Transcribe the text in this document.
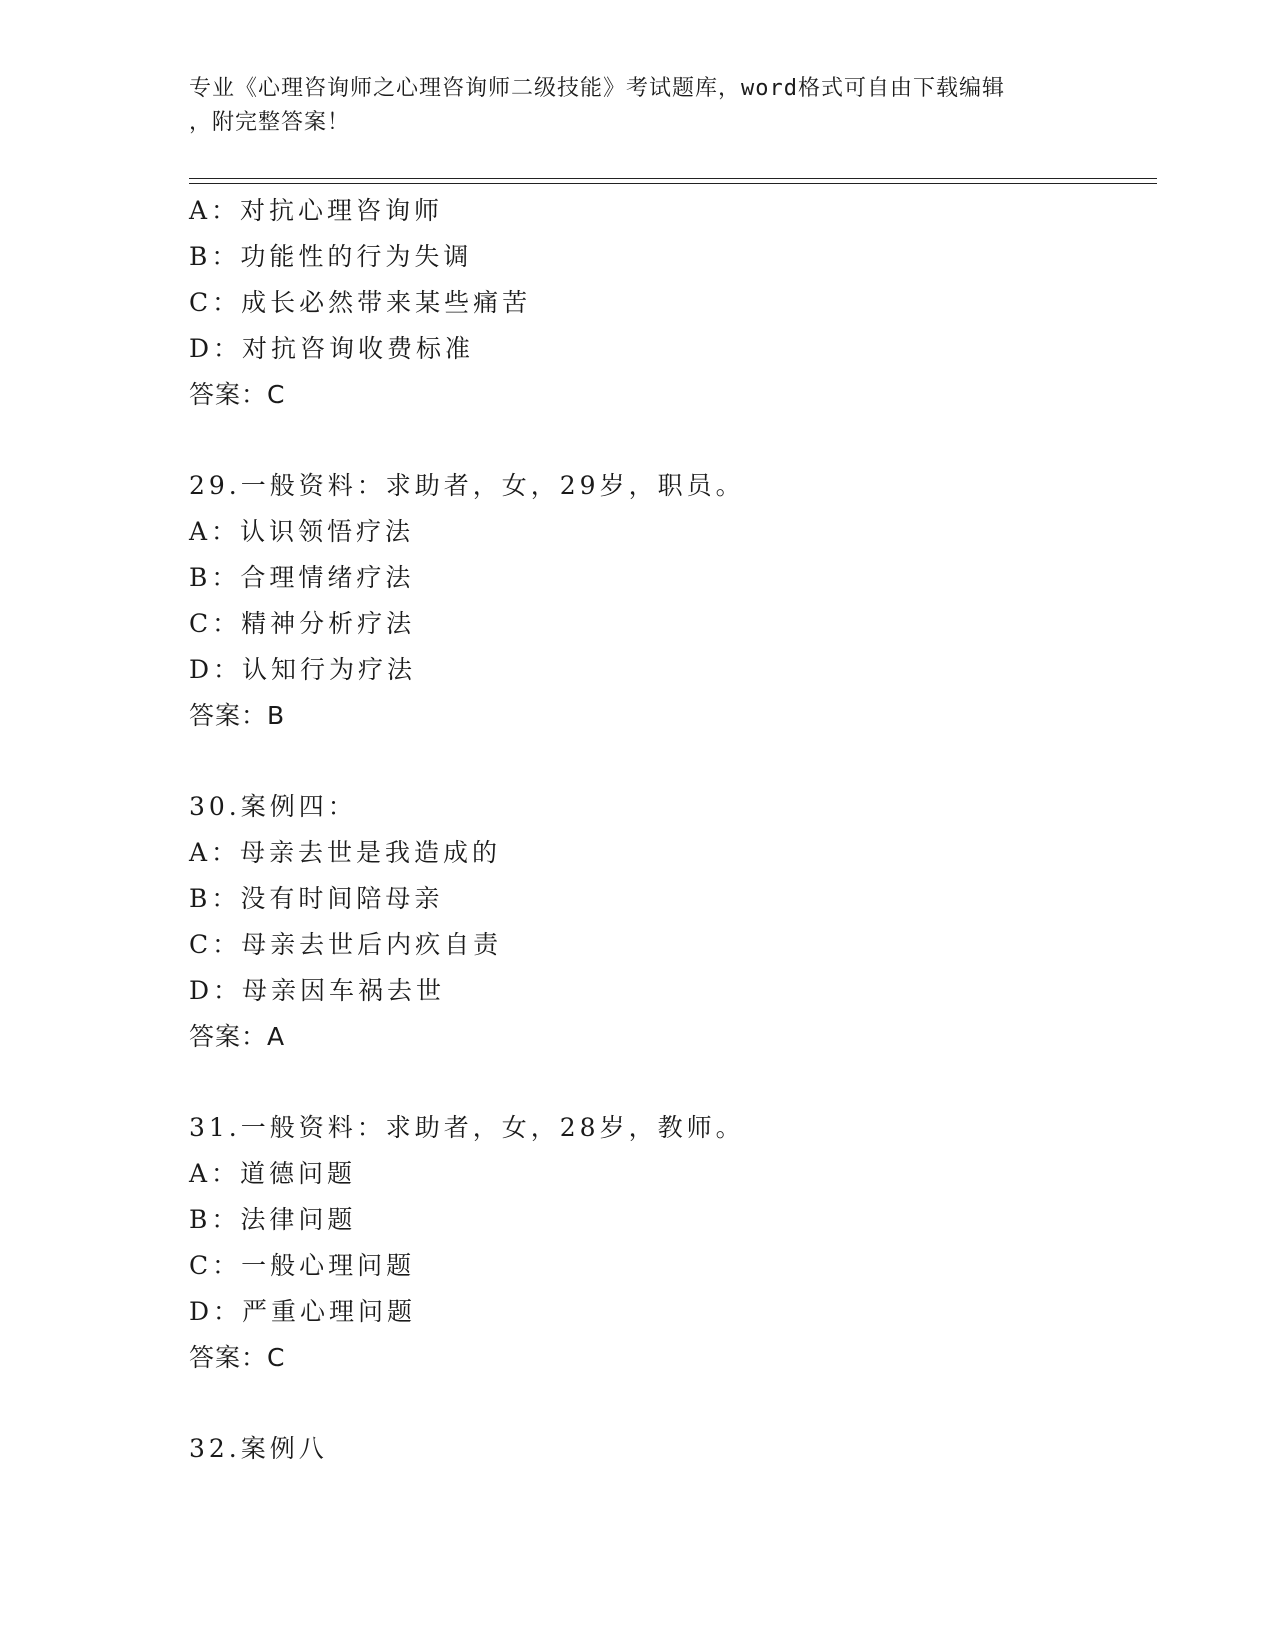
专业《心理咨询师之心理咨询师二级技能》考试题库，word格式可自由下载编辑
，附完整答案！
A：对抗心理咨询师
B：功能性的行为失调
C：成长必然带来某些痛苦
D：对抗咨询收费标准
答案：C
29.一般资料：求助者，女，29岁，职员。
A：认识领悟疗法
B：合理情绪疗法
C：精神分析疗法
D：认知行为疗法
答案：B
30.案例四：
A：母亲去世是我造成的
B：没有时间陪母亲
C：母亲去世后内疚自责
D：母亲因车祸去世
答案：A
31.一般资料：求助者，女，28岁，教师。
A：道德问题
B：法律问题
C：一般心理问题
D：严重心理问题
答案：C
32.案例八
